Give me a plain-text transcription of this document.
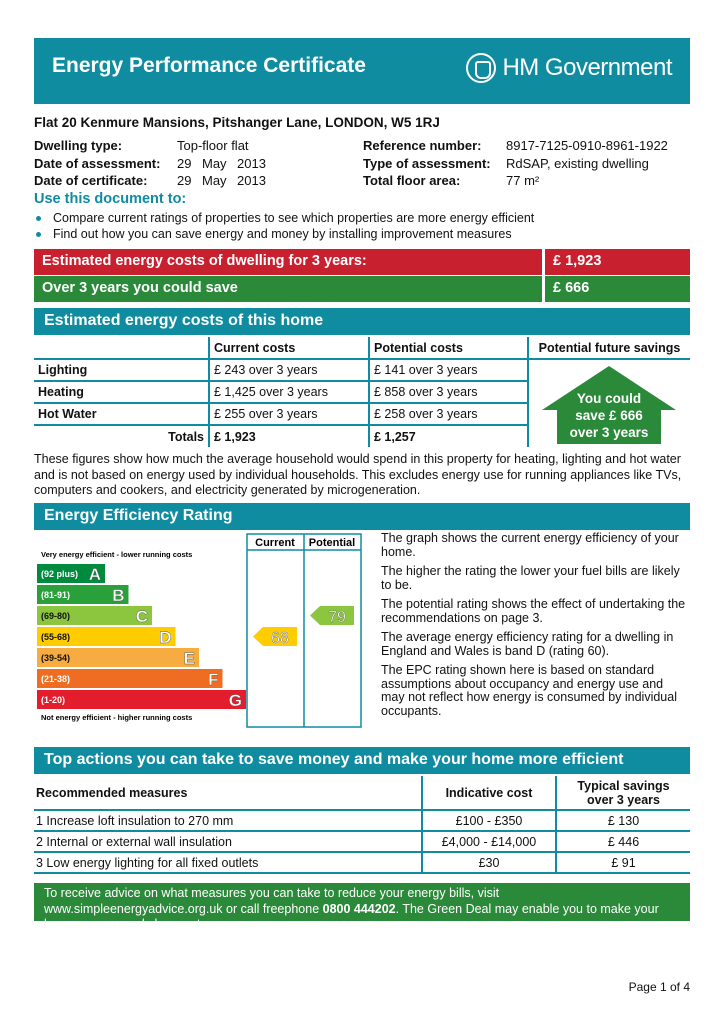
Energy Performance Certificate	HM Government
Flat 20 Kenmure Mansions, Pitshanger Lane, LONDON, W5 1RJ
Dwelling type:	Top-floor flat
Date of assessment: 29 May 2013
Date of certificate: 29 May 2013
Reference number: 8917-7125-0910-8961-1922
Type of assessment: RdSAP, existing dwelling
Total floor area:	77 m²
Use this document to:
Compare current ratings of properties to see which properties are more energy efficient
Find out how you can save energy and money by installing improvement measures
Estimated energy costs of dwelling for 3 years:	£ 1,923
Over 3 years you could save	£ 666
Estimated energy costs of this home
	Current costs	Potential costs	Potential future savings
Lighting	£ 243 over 3 years	£ 141 over 3 years	
Heating	£ 1,425 over 3 years	£ 858 over 3 years	
Hot Water	£ 255 over 3 years	£ 258 over 3 years	
Totals	£ 1,923	£ 1,257	
You could
save £ 666
over 3 years
These figures show how much the average household would spend in this property for heating, lighting and hot water and is not based on energy used by individual households. This excludes energy use for running appliances like TVs, computers and cookers, and electricity generated by microgeneration.
Energy Efficiency Rating
Current Potential
Very energy efficient - lower running costs
Not energy efficient - higher running costs
(92 plus) A
(81-91) B
(69-80)	C
(55-68)	D
(39-54)	E
(21-38)	F
(1-20)	G
68
79

The graph shows the current energy efficiency of your home.

The higher the rating the lower your fuel bills are likely to be.

The potential rating shows the effect of undertaking the recommendations on page 3.

The average energy efficiency rating for a dwelling in England and Wales is band D (rating 60).

The EPC rating shown here is based on standard assumptions about occupancy and energy use and may not reflect how energy is consumed by individual occupants.

Top actions you can take to save money and make your home more efficient
Recommended measures	Indicative cost	Typical savings over 3 years
1 Increase loft insulation to 270 mm	£100 - £350	£ 130
2 Internal or external wall insulation	£4,000 - £14,000	£ 446
3 Low energy lighting for all fixed outlets	£30	£ 91
To receive advice on what measures you can take to reduce your energy bills, visit www.simpleenergyadvice.org.uk or call freephone 0800 444202. The Green Deal may enable you to make your home warmer and cheaper to run.
Page 1 of 4
